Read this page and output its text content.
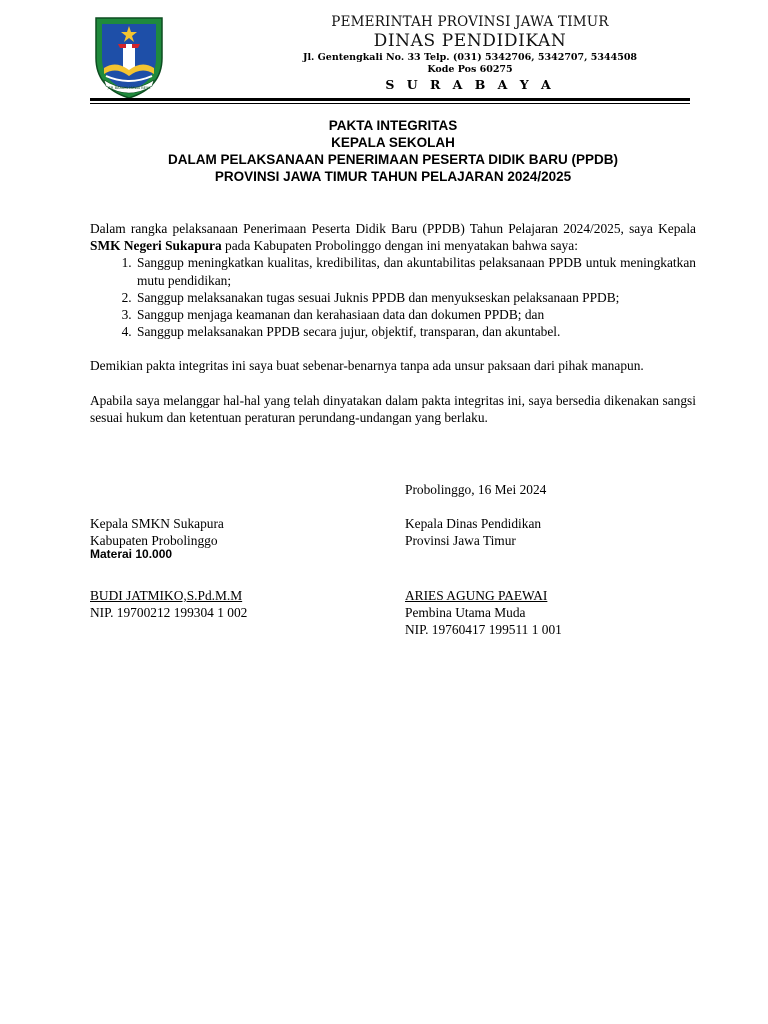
JER BASUKI MAWA BEYA
PEMERINTAH PROVINSI JAWA TIMUR
DINAS PENDIDIKAN
Jl. Gentengkali No. 33 Telp. (031) 5342706, 5342707, 5344508
Kode Pos 60275
S U R A B A Y A
PAKTA INTEGRITAS
KEPALA SEKOLAH
DALAM PELAKSANAAN PENERIMAAN PESERTA DIDIK BARU (PPDB)
PROVINSI JAWA TIMUR TAHUN PELAJARAN 2024/2025

Dalam rangka pelaksanaan Penerimaan Peserta Didik Baru (PPDB) Tahun Pelajaran 2024/2025, saya Kepala SMK Negeri Sukapura pada Kabupaten Probolinggo dengan ini menyatakan bahwa saya:

1. Sanggup meningkatkan kualitas, kredibilitas, dan akuntabilitas pelaksanaan PPDB untuk meningkatkan mutu pendidikan;
2. Sanggup melaksanakan tugas sesuai Juknis PPDB dan menyukseskan pelaksanaan PPDB;
3. Sanggup menjaga keamanan dan kerahasiaan data dan dokumen PPDB; dan
4. Sanggup melaksanakan PPDB secara jujur, objektif, transparan, dan akuntabel.

Demikian pakta integritas ini saya buat sebenar-benarnya tanpa ada unsur paksaan dari pihak manapun.

Apabila saya melanggar hal-hal yang telah dinyatakan dalam pakta integritas ini, saya bersedia dikenakan sangsi sesuai hukum dan ketentuan peraturan perundang-undangan yang berlaku.

Probolinggo, 16 Mei 2024
Kepala SMKN Sukapura
Kabupaten Probolinggo
Materai 10.000
BUDI JATMIKO,S.Pd.M.M
NIP. 19700212 199304 1 002
Kepala Dinas Pendidikan
Provinsi Jawa Timur
ARIES AGUNG PAEWAI
Pembina Utama Muda
NIP. 19760417 199511 1 001
